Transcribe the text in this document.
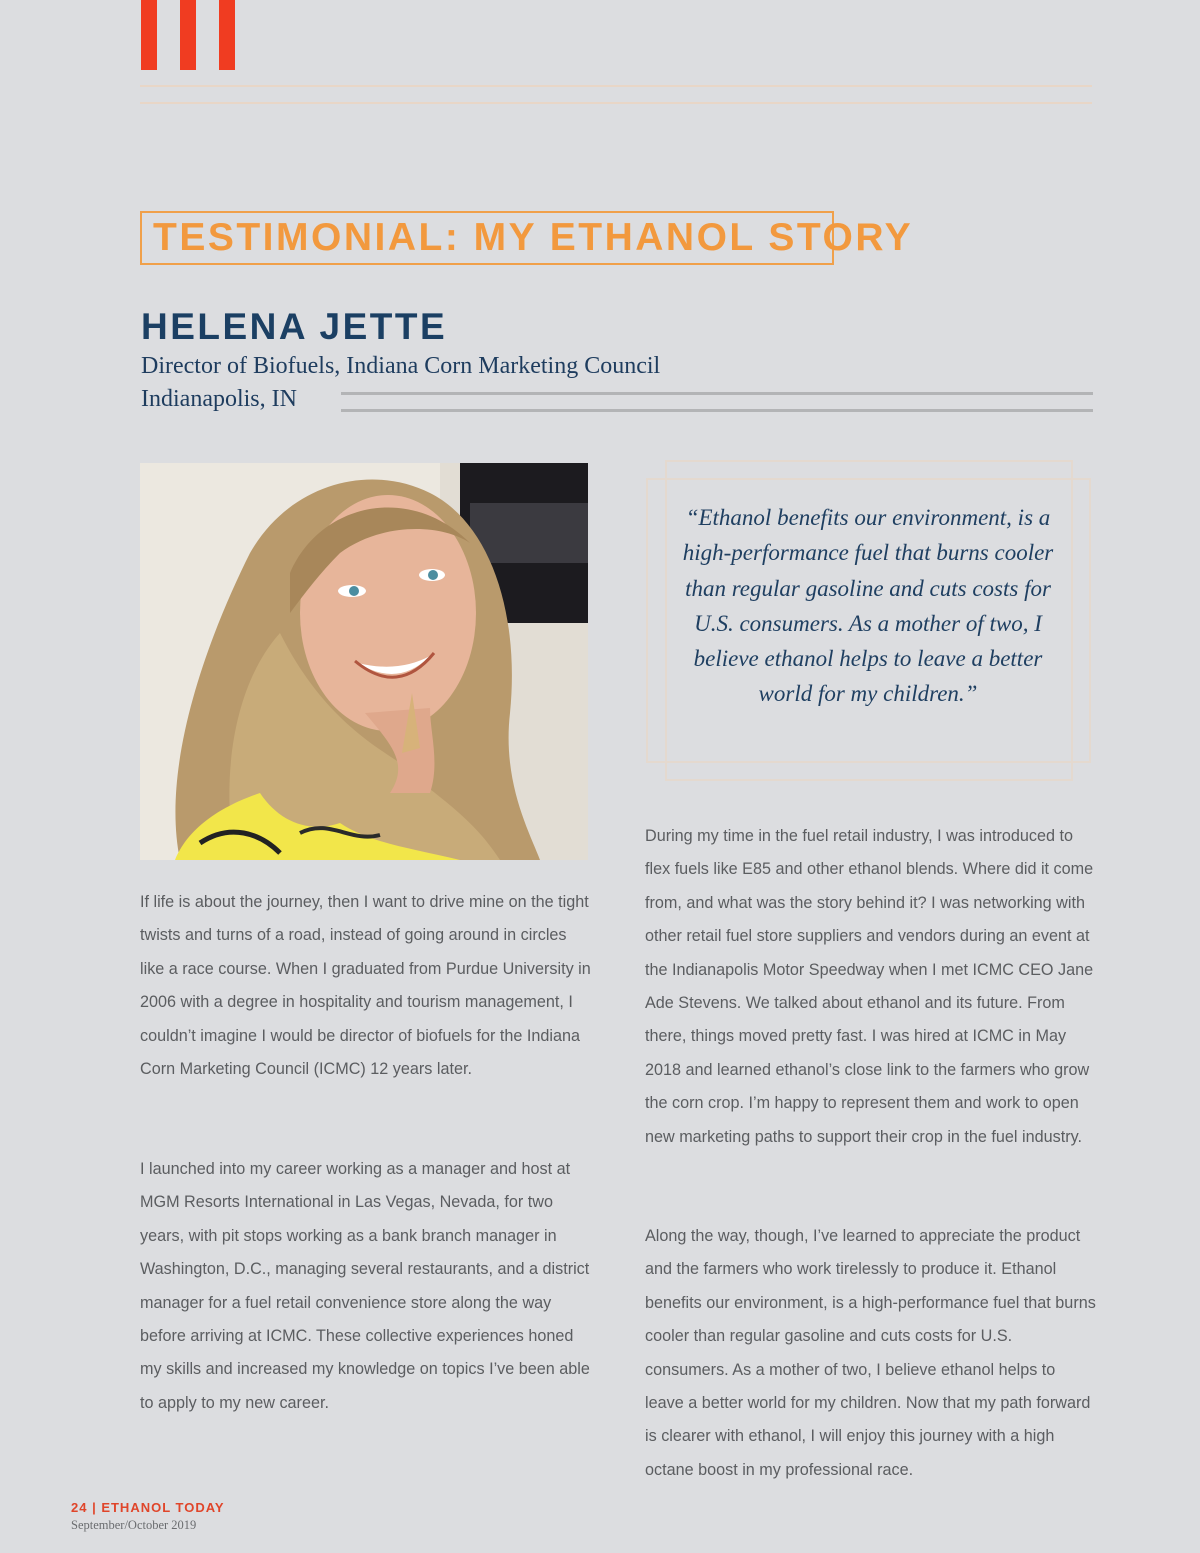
TESTIMONIAL: MY ETHANOL STORY
HELENA JETTE
Director of Biofuels, Indiana Corn Marketing Council
Indianapolis, IN
“Ethanol benefits our environment, is a high-performance fuel that burns cooler than regular gasoline and cuts costs for U.S. consumers. As a mother of two, I believe ethanol helps to leave a better world for my children.”

If life is about the journey, then I want to drive mine on the tight twists and turns of a road, instead of going around in circles like a race course. When I graduated from Purdue University in 2006 with a degree in hospitality and tourism management, I couldn’t imagine I would be director of biofuels for the Indiana Corn Marketing Council (ICMC) 12 years later.

I launched into my career working as a manager and host at MGM Resorts International in Las Vegas, Nevada, for two years, with pit stops working as a bank branch manager in Washington, D.C., managing several restaurants, and a district manager for a fuel retail convenience store along the way before arriving at ICMC. These collective experiences honed my skills and increased my knowledge on topics I’ve been able to apply to my new career.

During my time in the fuel retail industry, I was introduced to flex fuels like E85 and other ethanol blends. Where did it come from, and what was the story behind it? I was networking with other retail fuel store suppliers and vendors during an event at the Indianapolis Motor Speedway when I met ICMC CEO Jane Ade Stevens. We talked about ethanol and its future. From there, things moved pretty fast. I was hired at ICMC in May 2018 and learned ethanol’s close link to the farmers who grow the corn crop. I’m happy to represent them and work to open new marketing paths to support their crop in the fuel industry.

Along the way, though, I’ve learned to appreciate the product and the farmers who work tirelessly to produce it. Ethanol benefits our environment, is a high-performance fuel that burns cooler than regular gasoline and cuts costs for U.S. consumers. As a mother of two, I believe ethanol helps to leave a better world for my children. Now that my path forward is clearer with ethanol, I will enjoy this journey with a high octane boost in my professional race.

24 | ETHANOL TODAY
September/October 2019
